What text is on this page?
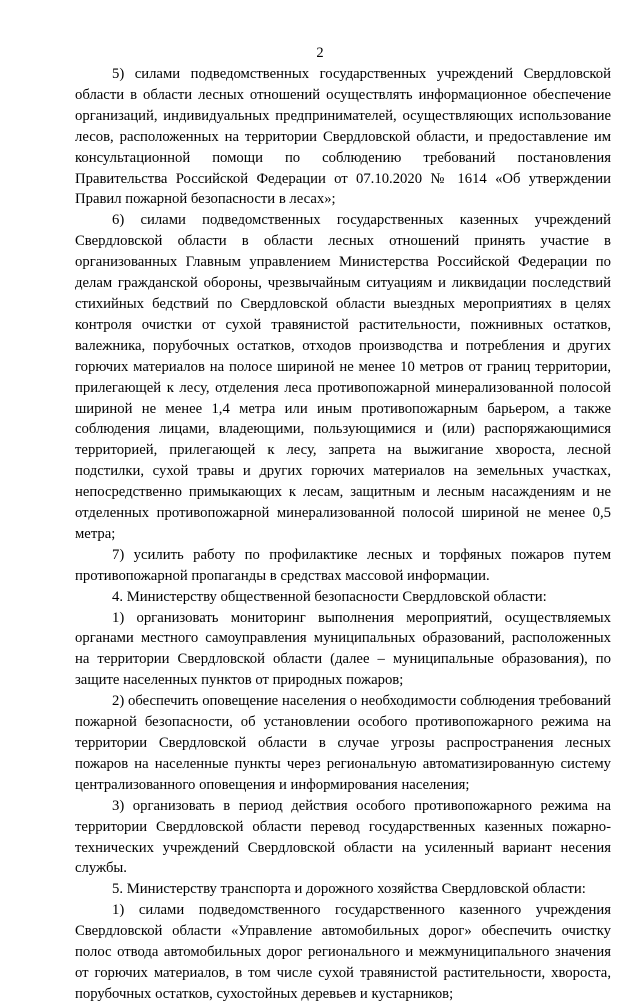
2

5) силами подведомственных государственных учреждений Свердловской области в области лесных отношений осуществлять информационное обеспечение организаций, индивидуальных предпринимателей, осуществляющих использование лесов, расположенных на территории Свердловской области, и предоставление им консультационной помощи по соблюдению требований постановления Правительства Российской Федерации от 07.10.2020 № 1614 «Об утверждении Правил пожарной безопасности в лесах»;

6) силами подведомственных государственных казенных учреждений Свердловской области в области лесных отношений принять участие в организованных Главным управлением Министерства Российской Федерации по делам гражданской обороны, чрезвычайным ситуациям и ликвидации последствий стихийных бедствий по Свердловской области выездных мероприятиях в целях контроля очистки от сухой травянистой растительности, пожнивных остатков, валежника, порубочных остатков, отходов производства и потребления и других горючих материалов на полосе шириной не менее 10 метров от границ территории, прилегающей к лесу, отделения леса противопожарной минерализованной полосой шириной не менее 1,4 метра или иным противопожарным барьером, а также соблюдения лицами, владеющими, пользующимися и (или) распоряжающимися территорией, прилегающей к лесу, запрета на выжигание хвороста, лесной подстилки, сухой травы и других горючих материалов на земельных участках, непосредственно примыкающих к лесам, защитным и лесным насаждениям и не отделенных противопожарной минерализованной полосой шириной не менее 0,5 метра;

7) усилить работу по профилактике лесных и торфяных пожаров путем противопожарной пропаганды в средствах массовой информации.

4. Министерству общественной безопасности Свердловской области:

1) организовать мониторинг выполнения мероприятий, осуществляемых органами местного самоуправления муниципальных образований, расположенных на территории Свердловской области (далее – муниципальные образования), по защите населенных пунктов от природных пожаров;

2) обеспечить оповещение населения о необходимости соблюдения требований пожарной безопасности, об установлении особого противопожарного режима на территории Свердловской области в случае угрозы распространения лесных пожаров на населенные пункты через региональную автоматизированную систему централизованного оповещения и информирования населения;

3) организовать в период действия особого противопожарного режима на территории Свердловской области перевод государственных казенных пожарно-технических учреждений Свердловской области на усиленный вариант несения службы.

5. Министерству транспорта и дорожного хозяйства Свердловской области:

1) силами подведомственного государственного казенного учреждения Свердловской области «Управление автомобильных дорог» обеспечить очистку полос отвода автомобильных дорог регионального и межмуниципального значения от горючих материалов, в том числе сухой травянистой растительности, хвороста, порубочных остатков, сухостойных деревьев и кустарников;
